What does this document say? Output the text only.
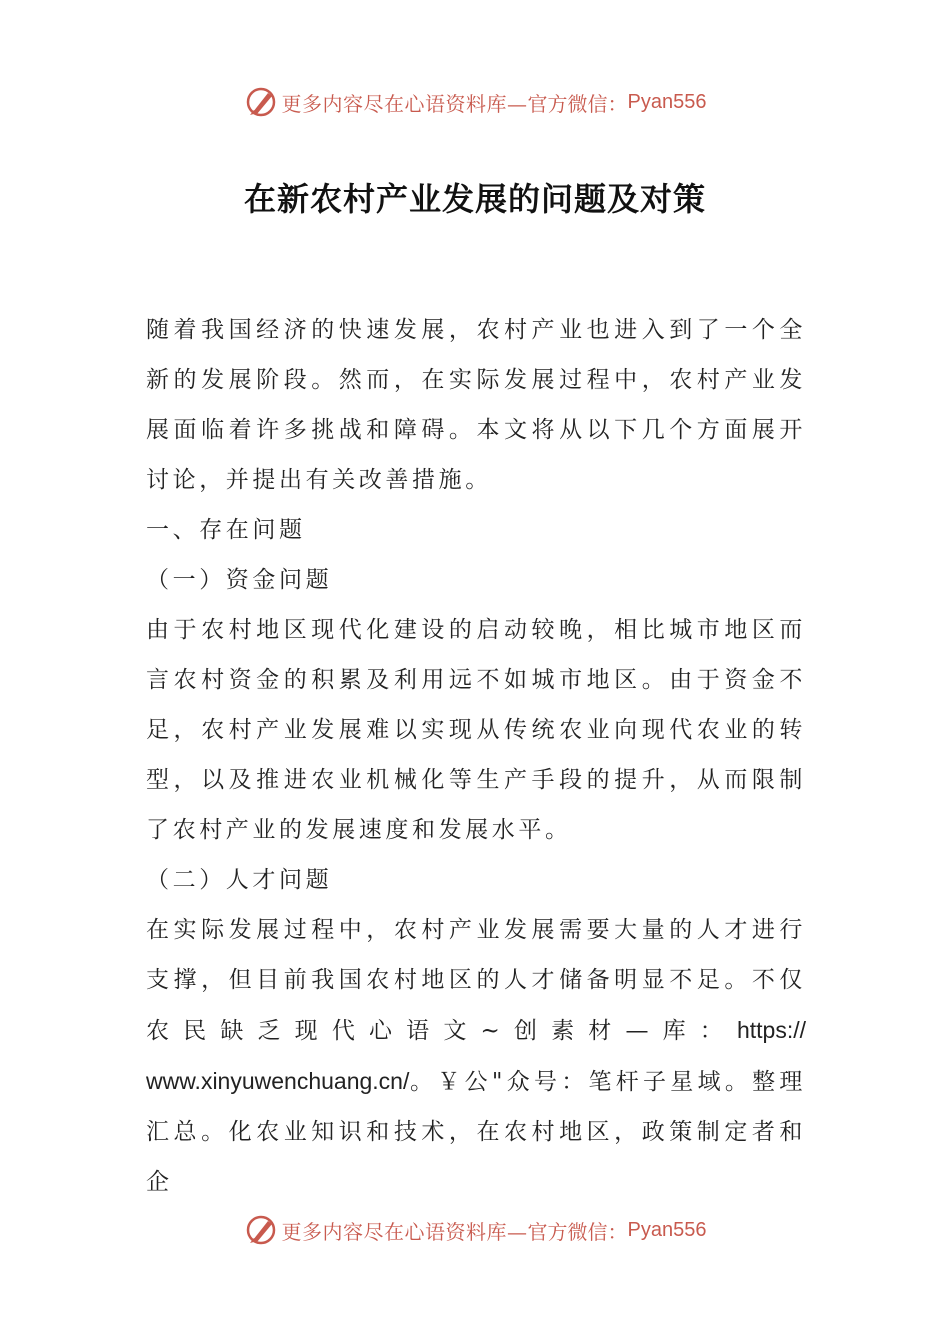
更多内容尽在心语资料库— 官方微信： Pyan556
在新农村产业发展的问题及对策

随着我国经济的快速发展，农村产业也进入到了一个全新的发展阶段。然而，在实际发展过程中，农村产业发展面临着许多挑战和障碍。本文将从以下几个方面展开讨论，并提出有关改善措施。

一、存在问题

（一）资金问题

由于农村地区现代化建设的启动较晚，相比城市地区而言农村资金的积累及利用远不如城市地区。由于资金不足，农村产业发展难以实现从传统农业向现代农业的转型，以及推进农业机械化等生产手段的提升，从而限制了农村产业的发展速度和发展水平。

（二）人才问题

在实际发展过程中，农村产业发展需要大量的人才进行支撑，但目前我国农村地区的人才储备明显不足。不仅农民缺乏现代心语文~创素材—库：https://

www.xinyuwenchuang.cn/。￥公"众号：笔杆子星域。整理汇总。化农业知识和技术，在农村地区，政策制定者和企

更多内容尽在心语资料库— 官方微信： Pyan556
